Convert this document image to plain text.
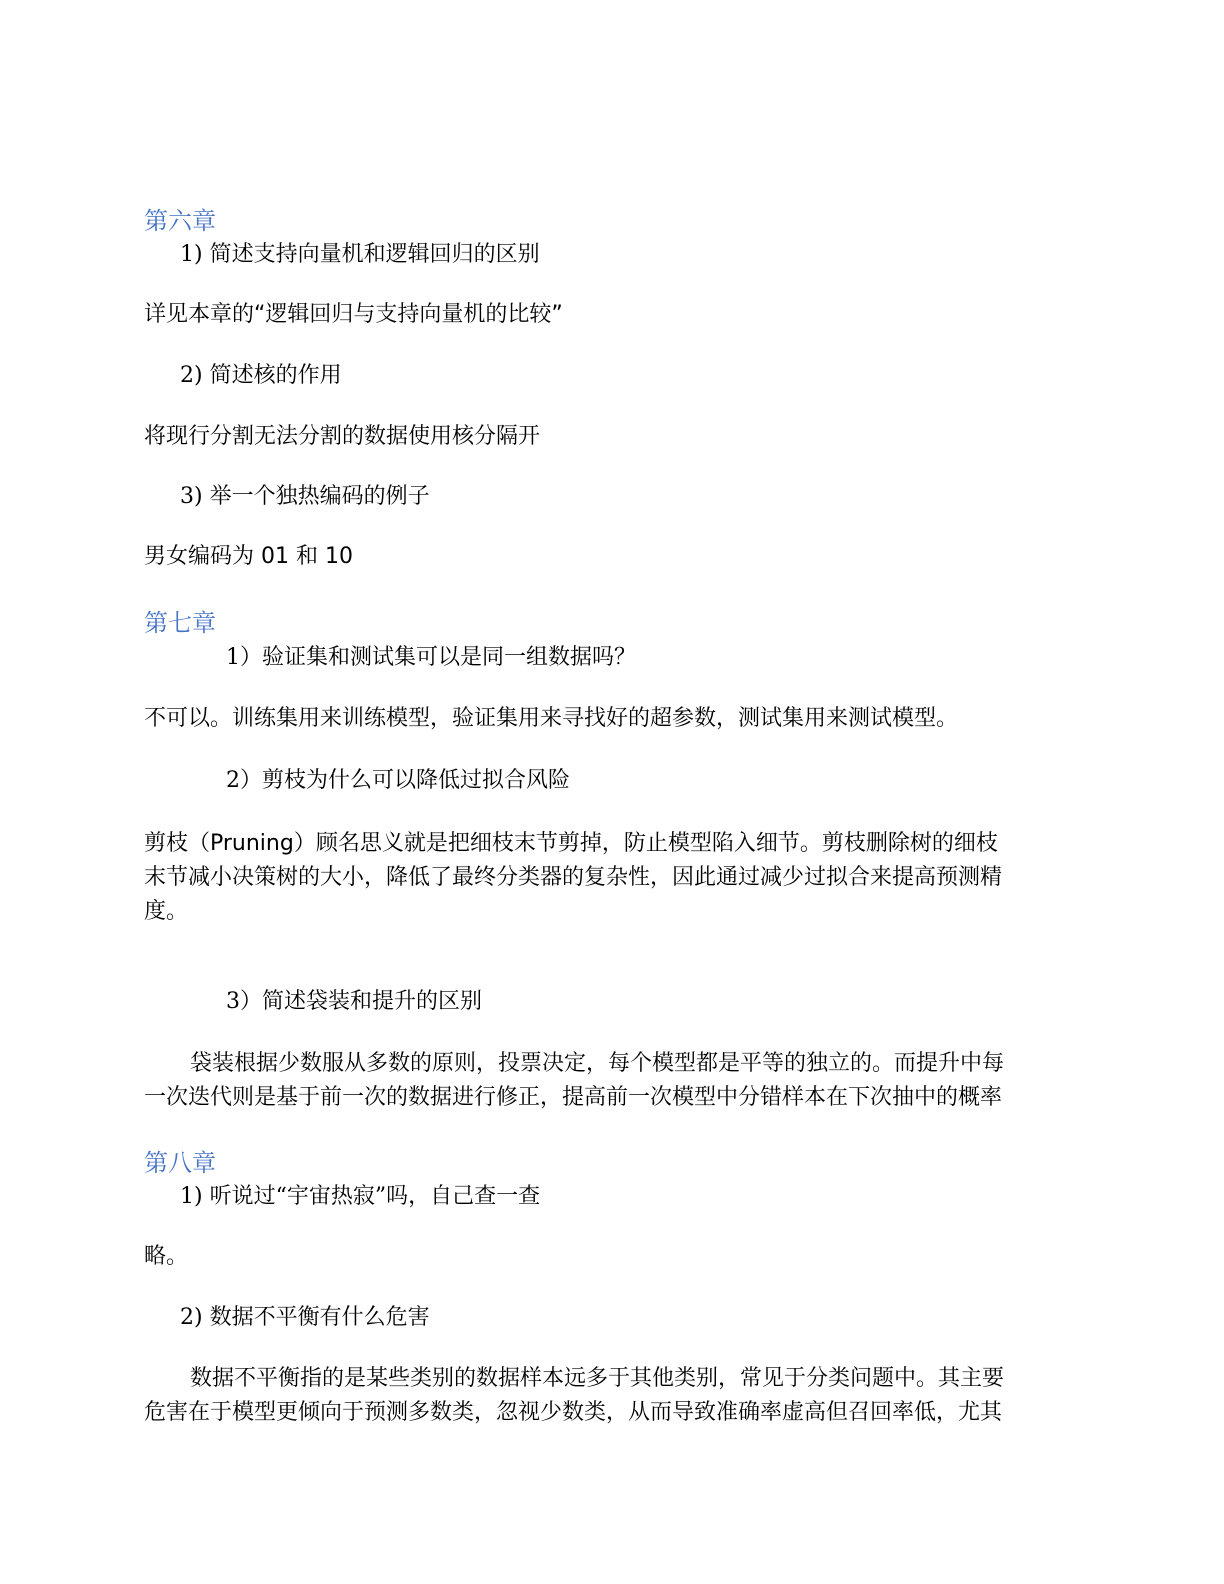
第六章
1) 简述支持向量机和逻辑回归的区别
详见本章的“逻辑回归与支持向量机的比较”
2) 简述核的作用
将现行分割无法分割的数据使用核分隔开
3) 举一个独热编码的例子
男女编码为 01 和 10
第七章
1）验证集和测试集可以是同一组数据吗？
不可以。训练集用来训练模型，验证集用来寻找好的超参数，测试集用来测试模型。
2）剪枝为什么可以降低过拟合风险
剪枝（Pruning）顾名思义就是把细枝末节剪掉，防止模型陷入细节。剪枝删除树的细枝
末节减小决策树的大小，降低了最终分类器的复杂性，因此通过减少过拟合来提高预测精
度。
3）简述袋装和提升的区别
袋装根据少数服从多数的原则，投票决定，每个模型都是平等的独立的。而提升中每
一次迭代则是基于前一次的数据进行修正，提高前一次模型中分错样本在下次抽中的概率
第八章
1) 听说过“宇宙热寂”吗，自己查一查
略。
2) 数据不平衡有什么危害
数据不平衡指的是某些类别的数据样本远多于其他类别，常见于分类问题中。其主要
危害在于模型更倾向于预测多数类，忽视少数类，从而导致准确率虚高但召回率低，尤其
